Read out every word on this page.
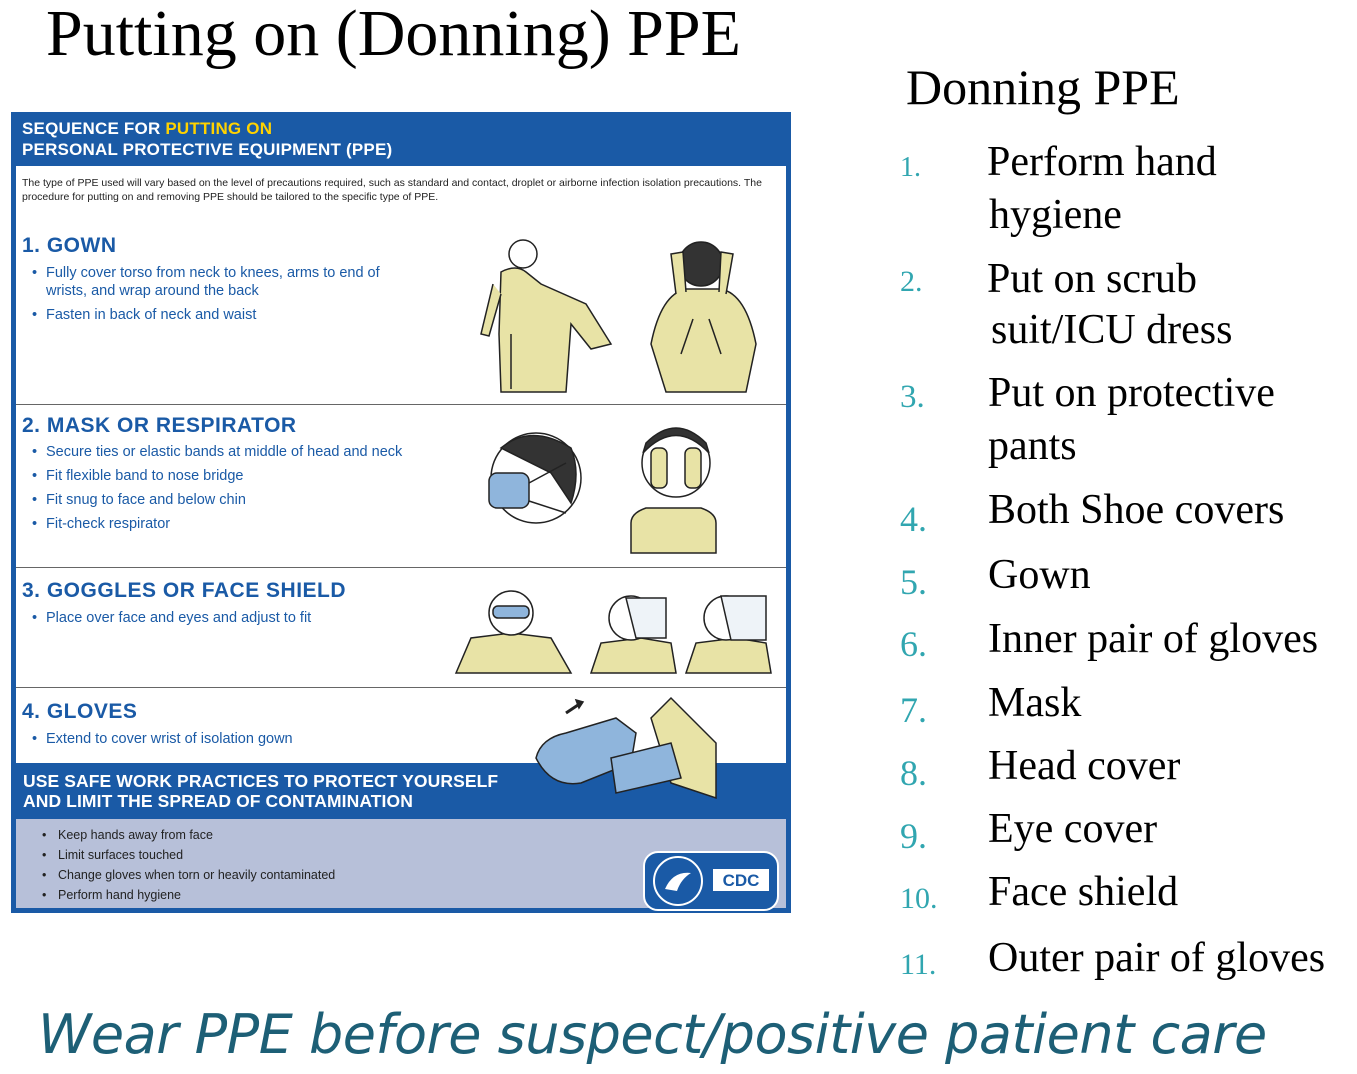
Putting on (Donning) PPE
SEQUENCE FOR PUTTING ON
PERSONAL PROTECTIVE EQUIPMENT (PPE)
The type of PPE used will vary based on the level of precautions required, such as standard and contact, droplet or airborne infection isolation precautions. The procedure for putting on and removing PPE should be tailored to the specific type of PPE.
1. GOWN
• Fully cover torso from neck to knees, arms to end of wrists, and wrap around the back
• Fasten in back of neck and waist
2. MASK OR RESPIRATOR
• Secure ties or elastic bands at middle of head and neck
• Fit flexible band to nose bridge
• Fit snug to face and below chin
• Fit-check respirator
3. GOGGLES OR FACE SHIELD
• Place over face and eyes and adjust to fit
4. GLOVES
• Extend to cover wrist of isolation gown
USE SAFE WORK PRACTICES TO PROTECT YOURSELF
AND LIMIT THE SPREAD OF CONTAMINATION
• Keep hands away from face
• Limit surfaces touched
• Change gloves when torn or heavily contaminated
• Perform hand hygiene
CDC
Donning PPE
1. Perform hand
hygiene
2. Put on scrub
suit/ICU dress
3. Put on protective
pants
4. Both Shoe covers
5. Gown
6. Inner pair of gloves
7. Mask
8. Head cover
9. Eye cover
10. Face shield
11. Outer pair of gloves
Wear PPE before suspect/positive patient care
